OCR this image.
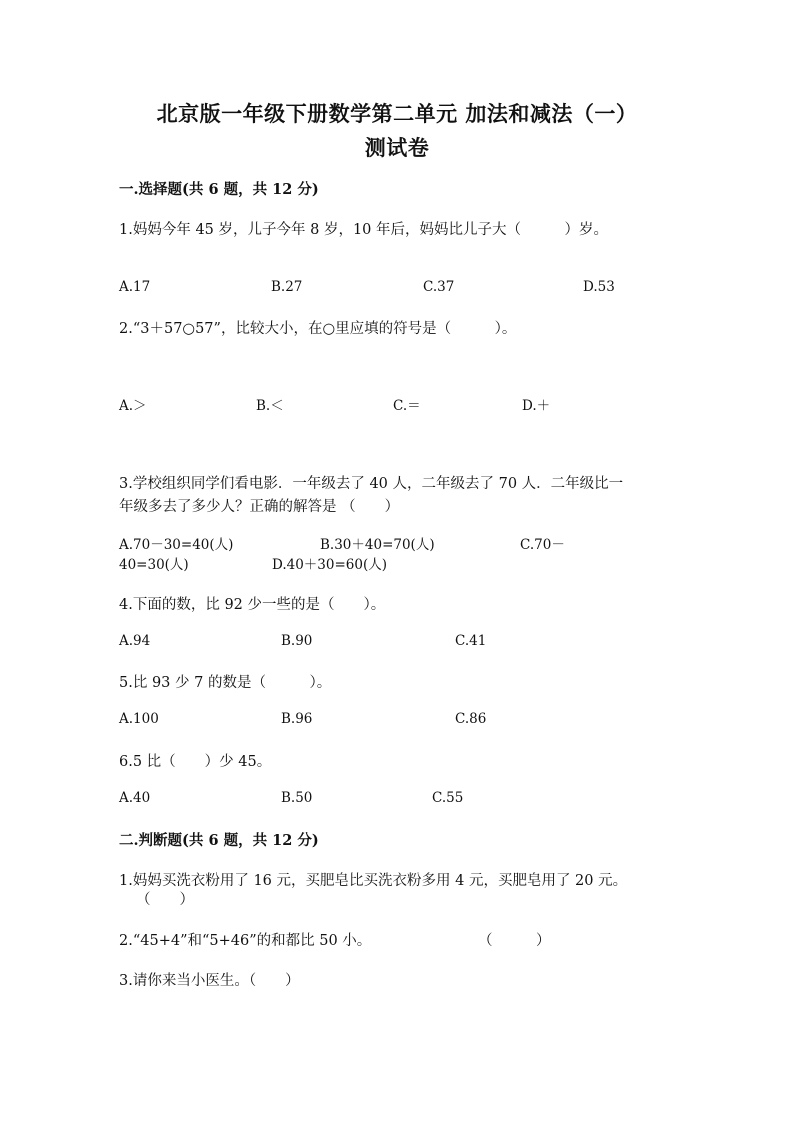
北京版一年级下册数学第二单元 加法和减法（一）
测试卷
一.选择题(共 6 题，共 12 分)
1.妈妈今年 45 岁，儿子今年 8 岁，10 年后，妈妈比儿子大（　　　）岁。
A.17	B.27	C.37	D.53
2.“3＋57○57”，比较大小，在○里应填的符号是（　　　）。
A.＞	B.＜	C.＝	D.＋
3.学校组织同学们看电影．一年级去了 40 人，二年级去了 70 人．二年级比一
年级多去了多少人？正确的解答是 （　　）
A.70－30=40(人)	B.30＋40=70(人)	C.70－
40=30(人)	D.40＋30=60(人)
4.下面的数，比 92 少一些的是（　　）。
A.94	B.90	C.41
5.比 93 少 7 的数是（　　　）。
A.100	B.96	C.86
6.5 比（　　）少 45。
A.40	B.50	C.55
二.判断题(共 6 题，共 12 分)
1.妈妈买洗衣粉用了 16 元，买肥皂比买洗衣粉多用 4 元，买肥皂用了 20 元。
（　　）
2.“45+4”和“5+46”的和都比 50 小。	（　　　）
3.请你来当小医生。（　　）
